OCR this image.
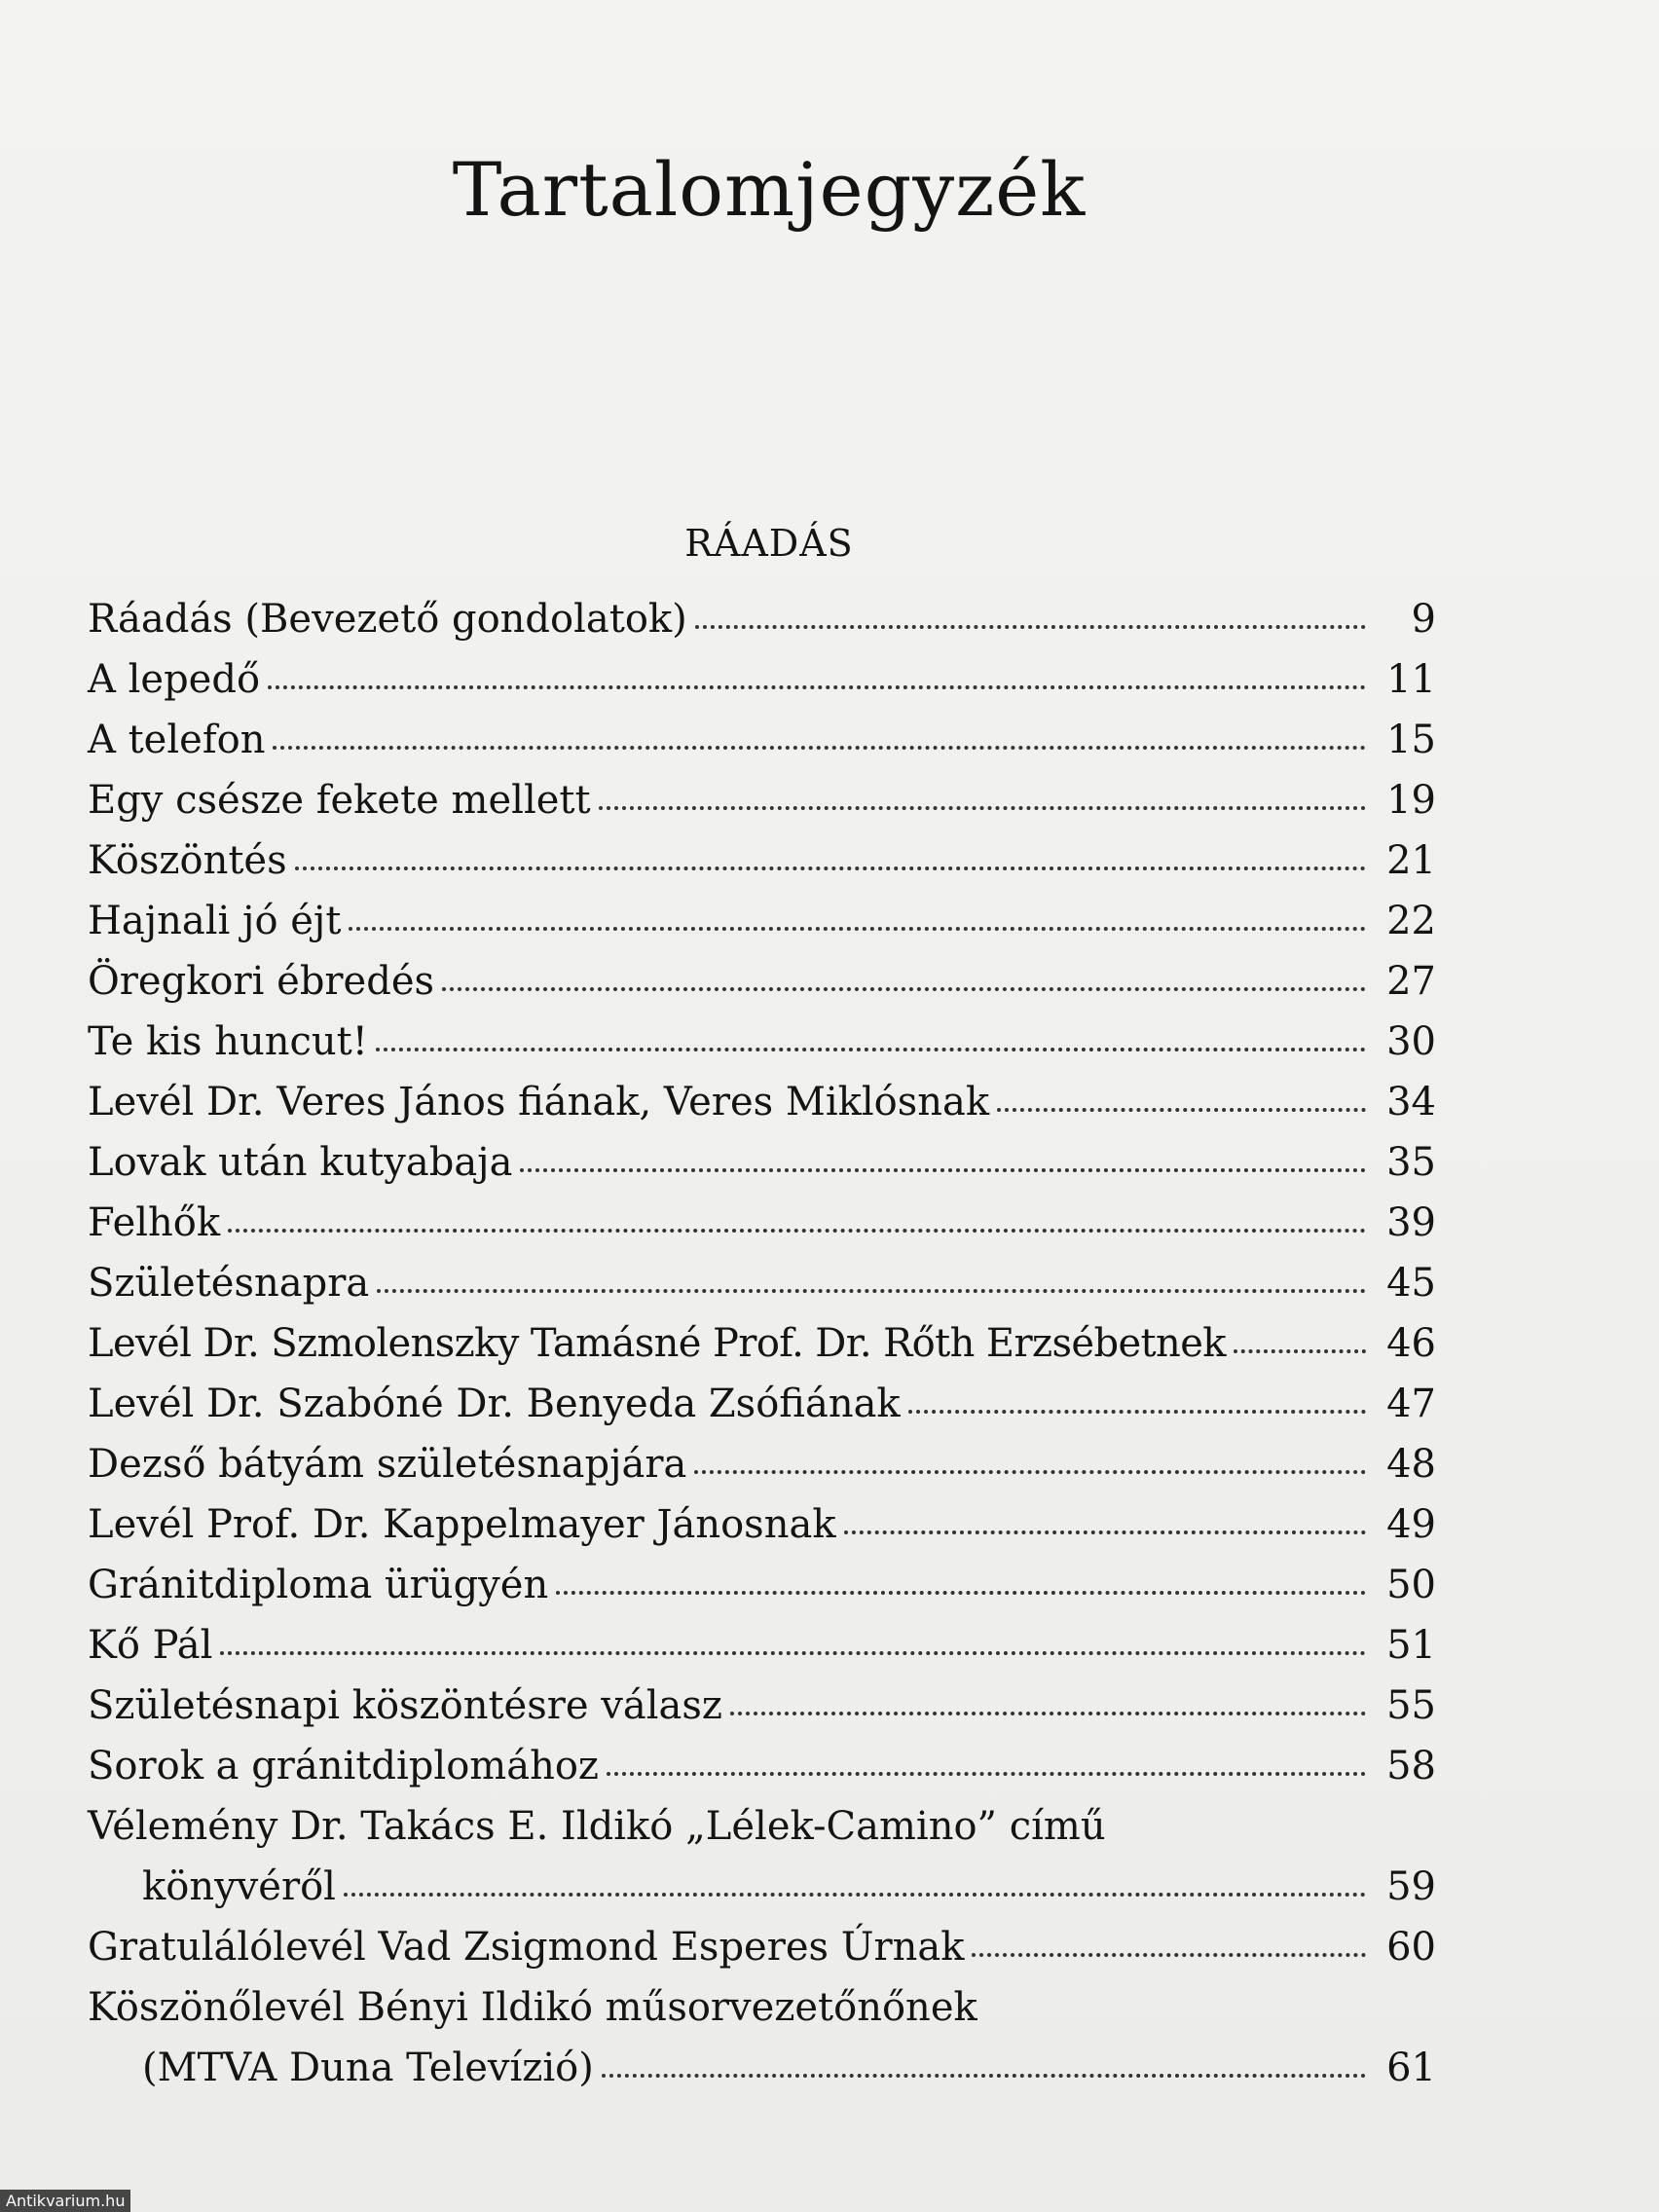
Tartalomjegyzék
RÁADÁS
Ráadás (Bevezető gondolatok)	9
A lepedő	11
A telefon	15
Egy csésze fekete mellett	19
Köszöntés	21
Hajnali jó éjt	22
Öregkori ébredés	27
Te kis huncut!	30
Levél Dr. Veres János fiának, Veres Miklósnak	34
Lovak után kutyabaja	35
Felhők	39
Születésnapra	45
Levél Dr. Szmolenszky Tamásné Prof. Dr. Rőth Erzsébetnek	46
Levél Dr. Szabóné Dr. Benyeda Zsófiának	47
Dezső bátyám születésnapjára	48
Levél Prof. Dr. Kappelmayer Jánosnak	49
Gránitdiploma ürügyén	50
Kő Pál	51
Születésnapi köszöntésre válasz	55
Sorok a gránitdiplomához	58
Vélemény Dr. Takács E. Ildikó „Lélek-Camino” című
könyvéről	59
Gratulálólevél Vad Zsigmond Esperes Úrnak	60
Köszönőlevél Bényi Ildikó műsorvezetőnőnek
(MTVA Duna Televízió)	61
Antikvarium.hu
